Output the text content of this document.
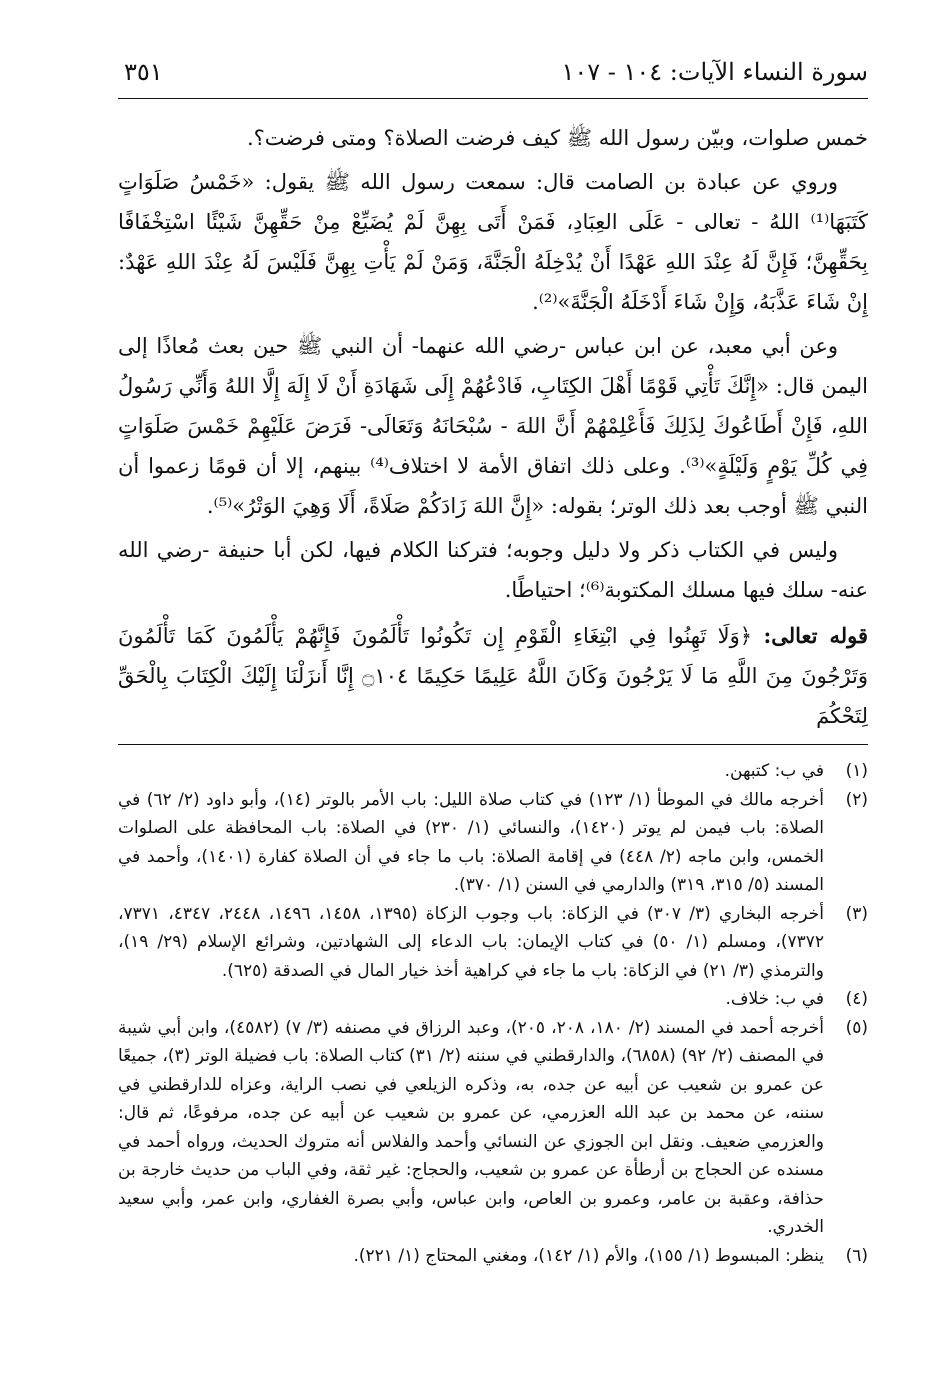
سورة النساء الآيات: ١٠٤ - ١٠٧
٣٥١

خمس صلوات، وبيّن رسول الله ﷺ كيف فرضت الصلاة؟ ومتى فرضت؟.

وروي عن عبادة بن الصامت قال: سمعت رسول الله ﷺ يقول: «خَمْسُ صَلَوَاتٍ كَتَبَهَا⁽¹⁾ اللهُ - تعالى - عَلَى العِبَادِ، فَمَنْ أَتَى بِهِنَّ لَمْ يُضَيِّعْ مِنْ حَقِّهِنَّ شَيْئًا اسْتِخْفَافًا بِحَقِّهِنَّ؛ فَإِنَّ لَهُ عِنْدَ اللهِ عَهْدًا أَنْ يُدْخِلَهُ الْجَنَّةَ، وَمَنْ لَمْ يَأْتِ بِهِنَّ فَلَيْسَ لَهُ عِنْدَ اللهِ عَهْدٌ: إِنْ شَاءَ عَذَّبَهُ، وَإِنْ شَاءَ أَدْخَلَهُ الْجَنَّةَ»⁽²⁾.

وعن أبي معبد، عن ابن عباس -رضي الله عنهما- أن النبي ﷺ حين بعث مُعاذًا إلى اليمن قال: «إِنَّكَ تَأْتِي قَوْمًا أَهْلَ الكِتَابِ، فَادْعُهُمْ إِلَى شَهَادَةِ أَنْ لَا إِلَهَ إِلَّا اللهُ وَأَنِّي رَسُولُ اللهِ، فَإِنْ أَطَاعُوكَ لِذَلِكَ فَأَعْلِمْهُمْ أَنَّ اللهَ - سُبْحَانَهُ وَتَعَالَى- فَرَضَ عَلَيْهِمْ خَمْسَ صَلَوَاتٍ فِي كُلِّ يَوْمٍ وَلَيْلَةٍ»⁽³⁾. وعلى ذلك اتفاق الأمة لا اختلاف⁽⁴⁾ بينهم، إلا أن قومًا زعموا أن النبي ﷺ أوجب بعد ذلك الوتر؛ بقوله: «إِنَّ اللهَ زَادَكُمْ صَلَاةً، أَلَا وَهِيَ الوَتْرُ»⁽⁵⁾.

وليس في الكتاب ذكر ولا دليل وجوبه؛ فتركنا الكلام فيها، لكن أبا حنيفة -رضي الله عنه- سلك فيها مسلك المكتوبة⁽⁶⁾؛ احتياطًا.

قوله تعالى: ﴿وَلَا تَهِنُوا فِي ابْتِغَاءِ الْقَوْمِ إِن تَكُونُوا تَأْلَمُونَ فَإِنَّهُمْ يَأْلَمُونَ كَمَا تَأْلَمُونَ وَتَرْجُونَ مِنَ اللَّهِ مَا لَا يَرْجُونَ وَكَانَ اللَّهُ عَلِيمًا حَكِيمًا ۝١٠٤ إِنَّا أَنزَلْنَا إِلَيْكَ الْكِتَابَ بِالْحَقِّ لِتَحْكُمَ
(١)
في ب: كتبهن.
(٢)
أخرجه مالك في الموطأ (١/ ١٢٣) في كتاب صلاة الليل: باب الأمر بالوتر (١٤)، وأبو داود (٢/ ٦٢) في الصلاة: باب فيمن لم يوتر (١٤٢٠)، والنسائي (١/ ٢٣٠) في الصلاة: باب المحافظة على الصلوات الخمس، وابن ماجه (٢/ ٤٤٨) في إقامة الصلاة: باب ما جاء في أن الصلاة كفارة (١٤٠١)، وأحمد في المسند (٥/ ٣١٥، ٣١٩) والدارمي في السنن (١/ ٣٧٠).
(٣)
أخرجه البخاري (٣/ ٣٠٧) في الزكاة: باب وجوب الزكاة (١٣٩٥، ١٤٥٨، ١٤٩٦، ٢٤٤٨، ٤٣٤٧، ٧٣٧١، ٧٣٧٢)، ومسلم (١/ ٥٠) في كتاب الإيمان: باب الدعاء إلى الشهادتين، وشرائع الإسلام (٢٩/ ١٩)، والترمذي (٣/ ٢١) في الزكاة: باب ما جاء في كراهية أخذ خيار المال في الصدقة (٦٢٥).
(٤)
في ب: خلاف.
(٥)
أخرجه أحمد في المسند (٢/ ١٨٠، ٢٠٨، ٢٠٥)، وعبد الرزاق في مصنفه (٣/ ٧) (٤٥٨٢)، وابن أبي شيبة في المصنف (٢/ ٩٢) (٦٨٥٨)، والدارقطني في سننه (٢/ ٣١) كتاب الصلاة: باب فضيلة الوتر (٣)، جميعًا عن عمرو بن شعيب عن أبيه عن جده، به، وذكره الزيلعي في نصب الراية، وعزاه للدارقطني في سننه، عن محمد بن عبد الله العزرمي، عن عمرو بن شعيب عن أبيه عن جده، مرفوعًا، ثم قال: والعزرمي ضعيف. ونقل ابن الجوزي عن النسائي وأحمد والفلاس أنه متروك الحديث، ورواه أحمد في مسنده عن الحجاج بن أرطأة عن عمرو بن شعيب، والحجاج: غير ثقة، وفي الباب من حديث خارجة بن حذافة، وعقبة بن عامر، وعمرو بن العاص، وابن عباس، وأبي بصرة الغفاري، وابن عمر، وأبي سعيد الخدري.
(٦)
ينظر: المبسوط (١/ ١٥٥)، والأم (١/ ١٤٢)، ومغني المحتاج (١/ ٢٢١).
